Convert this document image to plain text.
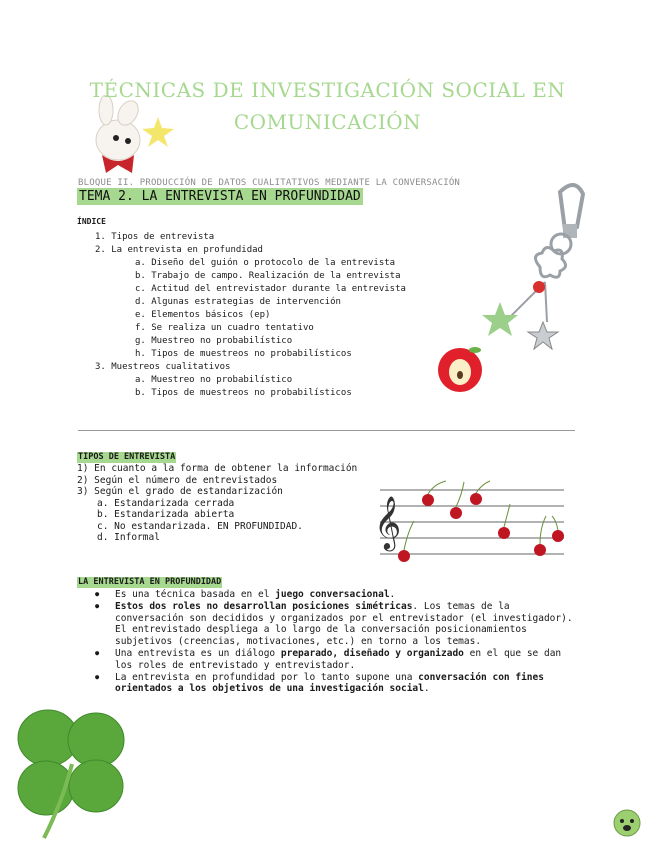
TÉCNICAS DE INVESTIGACIÓN SOCIAL EN
COMUNICACIÓN
BLOQUE II. PRODUCCIÓN DE DATOS CUALITATIVOS MEDIANTE LA CONVERSACIÓN
TEMA 2. LA ENTREVISTA EN PROFUNDIDAD
ÍNDICE
1. Tipos de entrevista
2. La entrevista en profundidad
a. Diseño del guión o protocolo de la entrevista
b. Trabajo de campo. Realización de la entrevista
c. Actitud del entrevistador durante la entrevista
d. Algunas estrategias de intervención
e. Elementos básicos (ep)
f. Se realiza un cuadro tentativo
g. Muestreo no probabilístico
h. Tipos de muestreos no probabilísticos
3. Muestreos cualitativos
a. Muestreo no probabilístico
b. Tipos de muestreos no probabilísticos
TIPOS DE ENTREVISTA
1) En cuanto a la forma de obtener la información
2) Según el número de entrevistados
3) Según el grado de estandarización
a. Estandarizada cerrada
b. Estandarizada abierta
c. No estandarizada. EN PROFUNDIDAD.
d. Informal	𝄞
LA ENTREVISTA EN PROFUNDIDAD
● Es una técnica basada en el juego conversacional.
● Estos dos roles no desarrollan posiciones simétricas. Los temas de la conversación son decididos y organizados por el entrevistador (el investigador). El entrevistado despliega a lo largo de la conversación posicionamientos subjetivos (creencias, motivaciones, etc.) en torno a los temas.
● Una entrevista es un diálogo preparado, diseñado y organizado en el que se dan los roles de entrevistado y entrevistador.
● La entrevista en profundidad por lo tanto supone una conversación con fines orientados a los objetivos de una investigación social.
